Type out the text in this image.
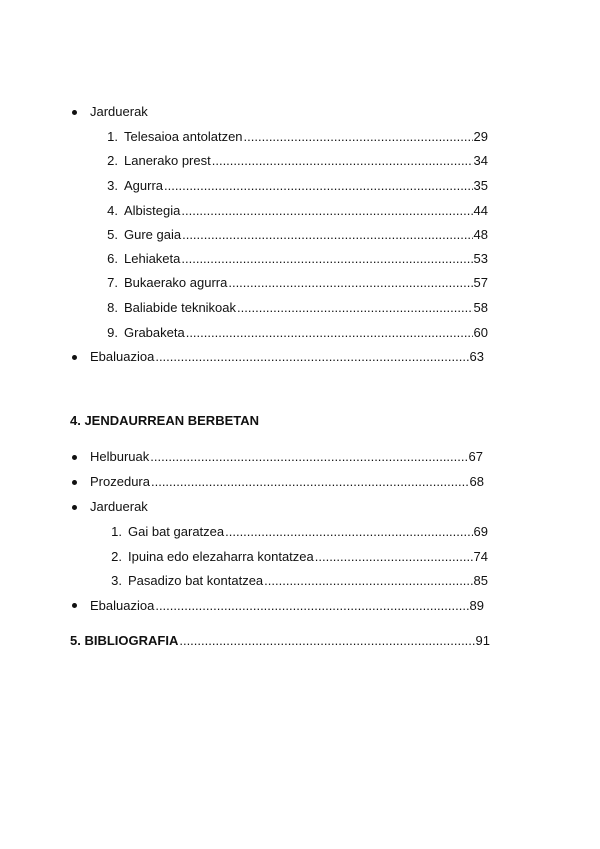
Jarduerak
1. Telesaioa antolatzen .....	29
2. Lanerako prest .....	34
3. Agurra .....	35
4. Albistegia .....	44
5. Gure gaia .....	48
6. Lehiaketa .....	53
7. Bukaerako agurra .....	57
8. Baliabide teknikoak .....	58
9. Grabaketa .....	60
Ebaluazioa .....	63
4. JENDAURREAN BERBETAN
Helburuak .....	67
Prozedura .....	68
Jarduerak
1. Gai bat garatzea .....	69
2. Ipuina edo elezaharra kontatzea .....	74
3. Pasadizo bat kontatzea .....	85
Ebaluazioa .....	89
5. BIBLIOGRAFIA .....	91
